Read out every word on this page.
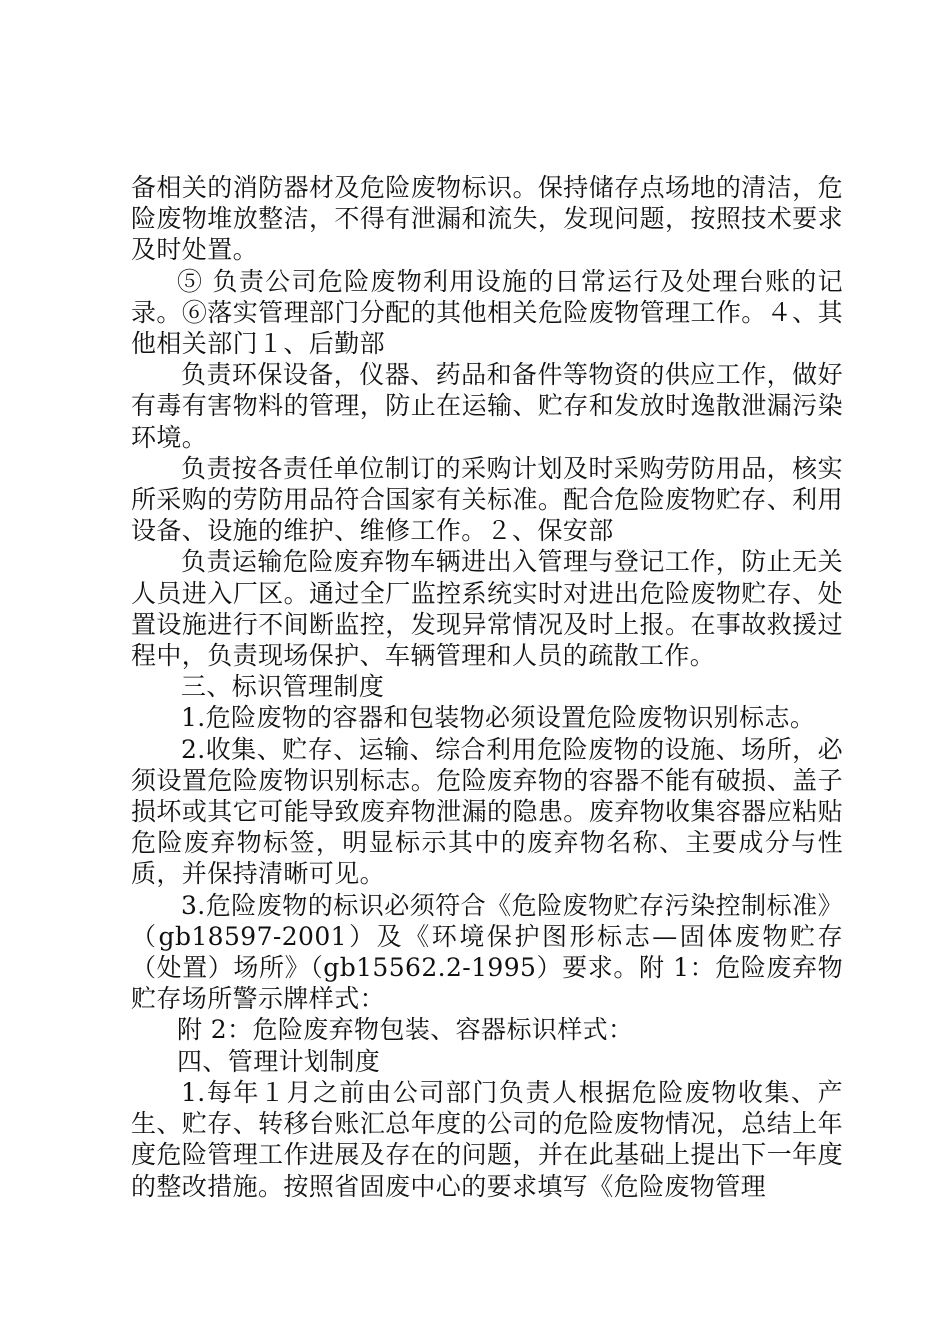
备相关的消防器材及危险废物标识。保持储存点场地的清洁，危险废物堆放整洁，不得有泄漏和流失，发现问题，按照技术要求及时处置。

⑤ 负责公司危险废物利用设施的日常运行及处理台账的记录。⑥落实管理部门分配的其他相关危险废物管理工作。４、其他相关部门１、后勤部

负责环保设备，仪器、药品和备件等物资的供应工作，做好有毒有害物料的管理，防止在运输、贮存和发放时逸散泄漏污染环境。

负责按各责任单位制订的采购计划及时采购劳防用品，核实所采购的劳防用品符合国家有关标准。配合危险废物贮存、利用设备、设施的维护、维修工作。２、保安部

负责运输危险废弃物车辆进出入管理与登记工作，防止无关人员进入厂区。通过全厂监控系统实时对进出危险废物贮存、处置设施进行不间断监控，发现异常情况及时上报。在事故救援过程中，负责现场保护、车辆管理和人员的疏散工作。

三、标识管理制度

1.危险废物的容器和包装物必须设置危险废物识别标志。

2.收集、贮存、运输、综合利用危险废物的设施、场所，必须设置危险废物识别标志。危险废弃物的容器不能有破损、盖子损坏或其它可能导致废弃物泄漏的隐患。废弃物收集容器应粘贴危险废弃物标签，明显标示其中的废弃物名称、主要成分与性质，并保持清晰可见。

3.危险废物的标识必须符合《危险废物贮存污染控制标准》（gb18597-2001）及《环境保护图形标志—固体废物贮存（处置）场所》（gb15562.2-1995）要求。附 1：危险废弃物贮存场所警示牌样式：

附 2：危险废弃物包装、容器标识样式：

四、管理计划制度

1.每年１月之前由公司部门负责人根据危险废物收集、产生、贮存、转移台账汇总年度的公司的危险废物情况，总结上年度危险管理工作进展及存在的问题，并在此基础上提出下一年度的整改措施。按照省固废中心的要求填写《危险废物管理
